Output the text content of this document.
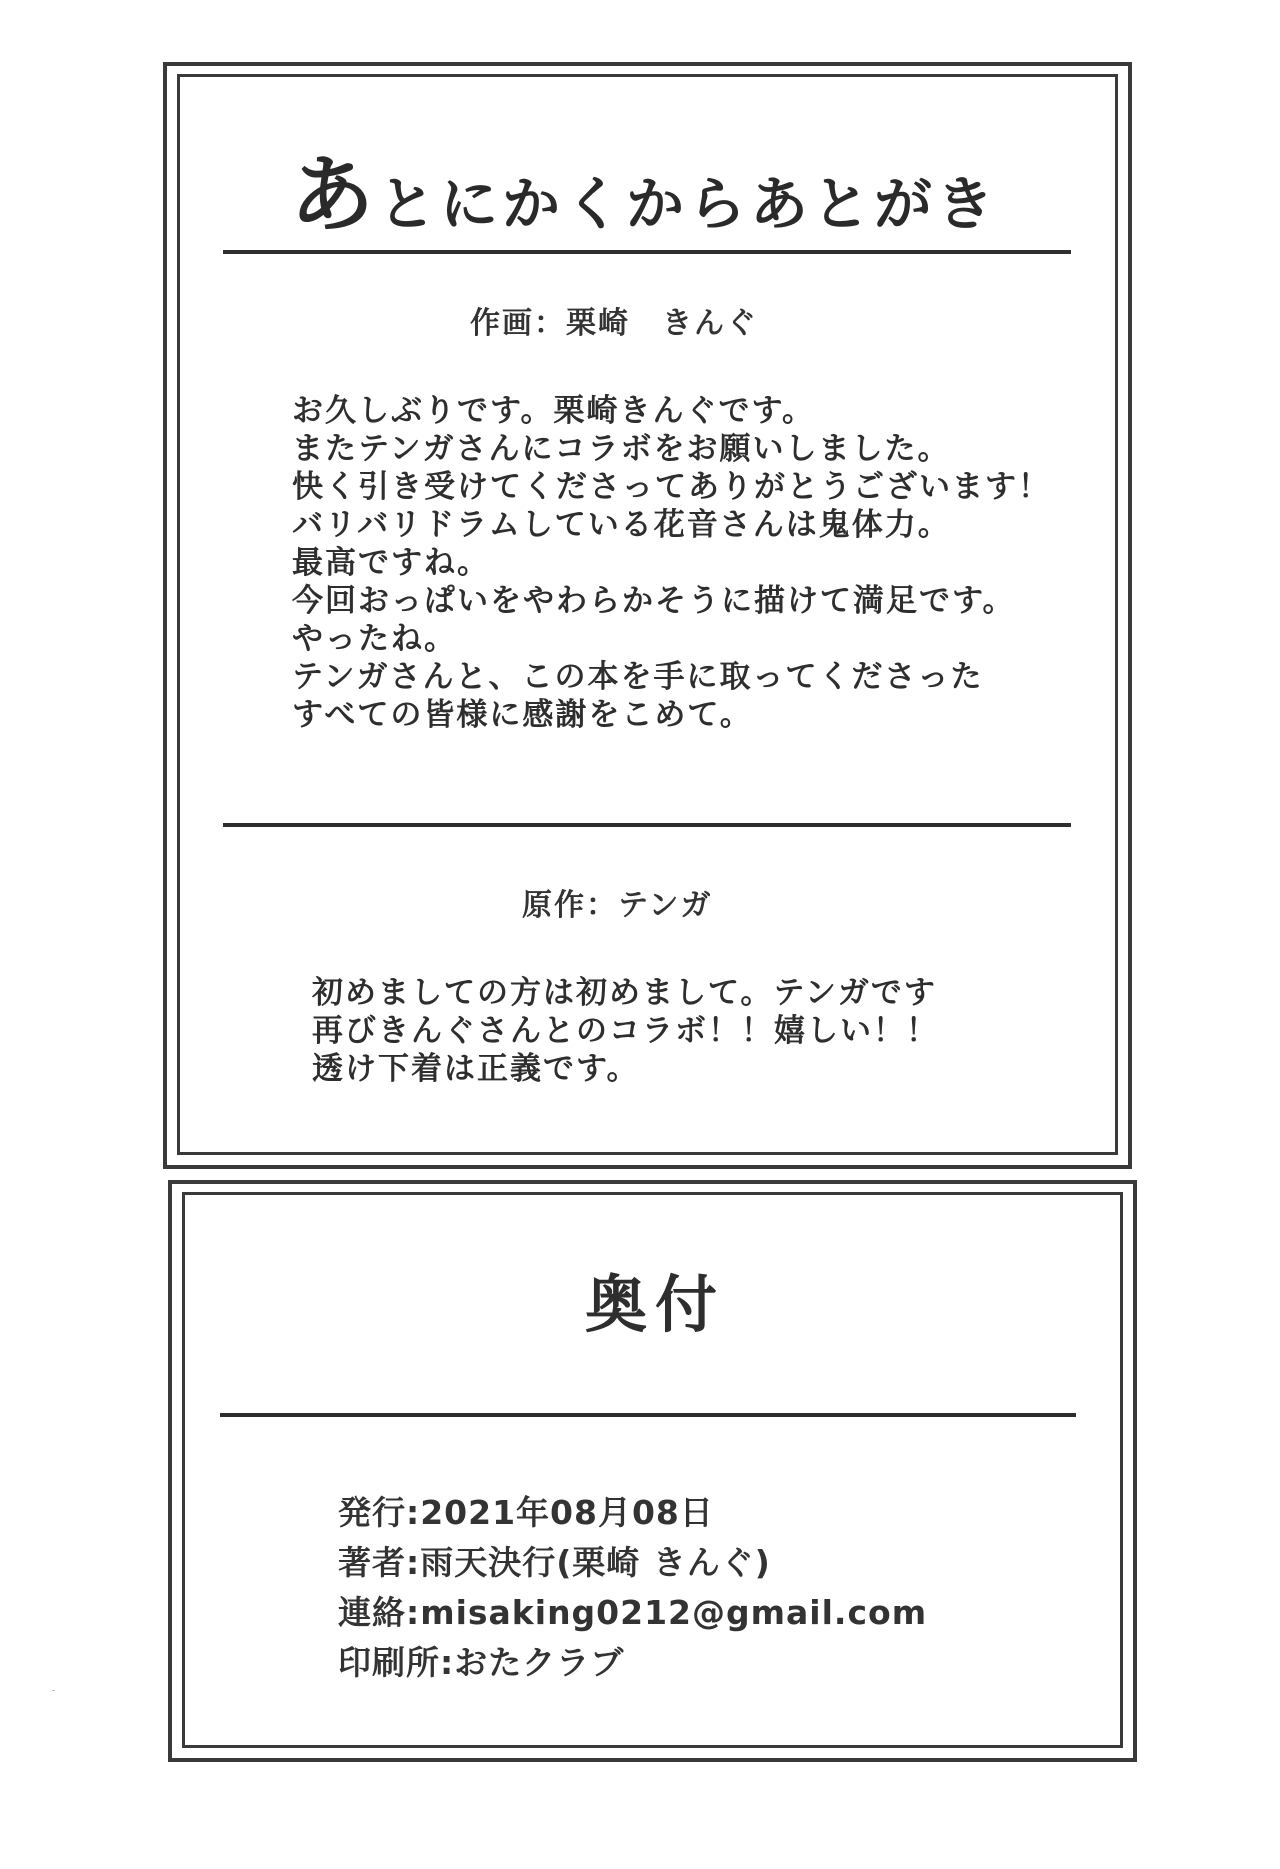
あとにかくからあとがき
作画：栗崎　きんぐ
お久しぶりです。栗崎きんぐです。
またテンガさんにコラボをお願いしました。
快く引き受けてくださってありがとうございます！
バリバリドラムしている花音さんは鬼体力。
最高ですね。
今回おっぱいをやわらかそうに描けて満足です。
やったね。
テンガさんと、この本を手に取ってくださった
すべての皆様に感謝をこめて。
原作：テンガ
初めましての方は初めまして。テンガです
再びきんぐさんとのコラボ！！嬉しい！！
透け下着は正義です。
奥付
発行:2021年08月08日
著者:雨天決行(栗崎 きんぐ)
連絡:misaking0212@gmail.com
印刷所:おたクラブ
